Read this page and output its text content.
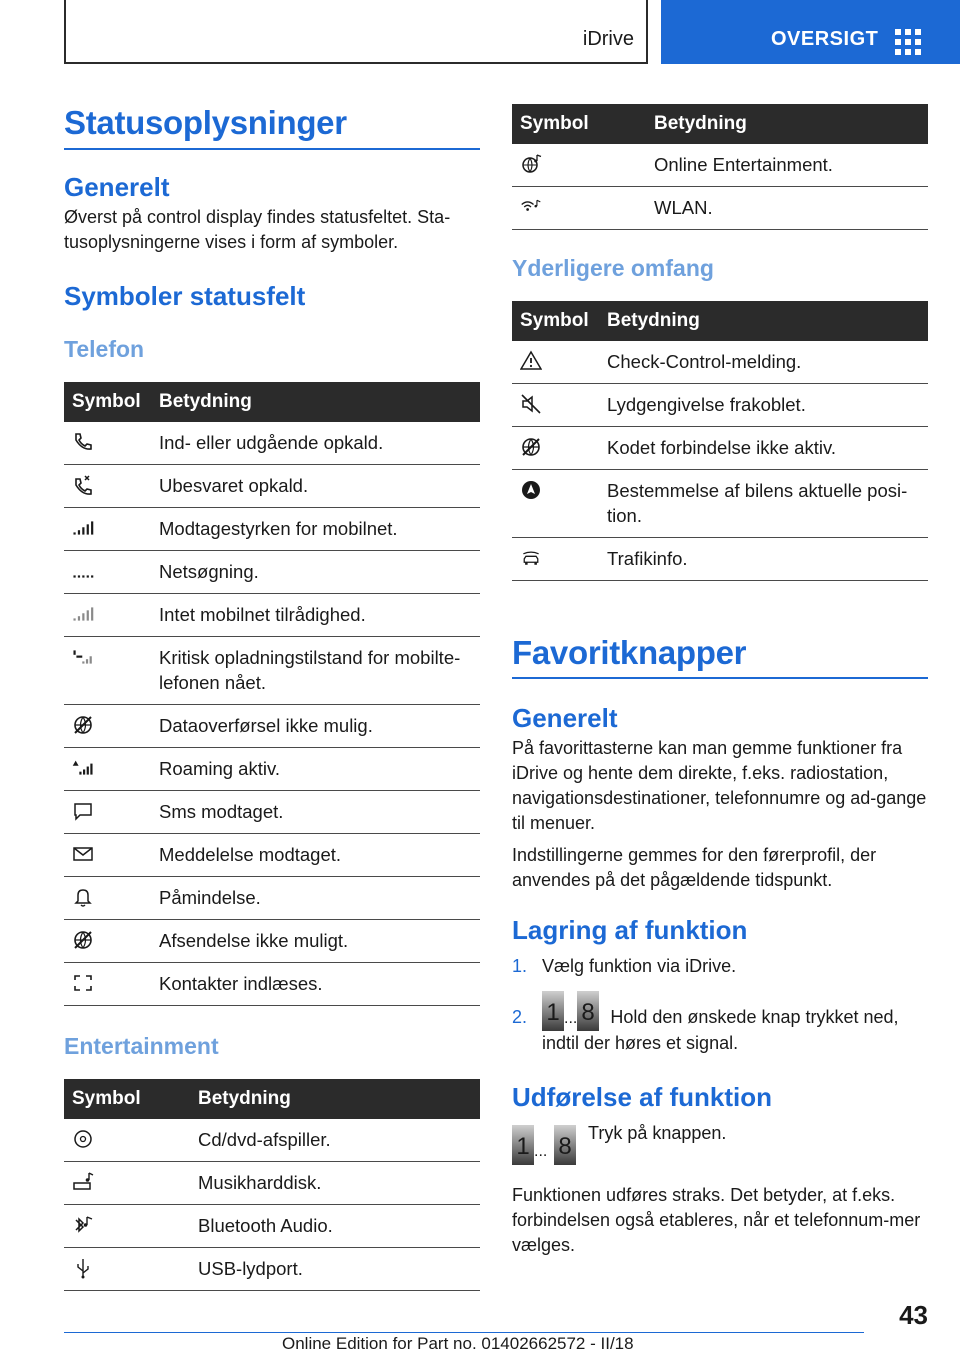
iDrive	OVERSIGT
Statusoplysninger
Generelt

Øverst på control display findes statusfeltet. Sta-tusoplysningerne vises i form af symboler.

Symboler statusfelt
Telefon
Symbol	Betydning

	Ind- eller udgående opkald.

	Ubesvaret opkald.

	Modtagestyrken for mobilnet.

	Netsøgning.

	Intet mobilnet tilrådighed.

	Kritisk opladningstilstand for mobilte-lefonen nået.

	Dataoverførsel ikke mulig.

	Roaming aktiv.

	Sms modtaget.

	Meddelelse modtaget.

	Påmindelse.

	Afsendelse ikke muligt.

	Kontakter indlæses.
Entertainment
Symbol	Betydning

	Cd/dvd-afspiller.

	Musikharddisk.

	Bluetooth Audio.

	USB-lydport.
Symbol	Betydning

	Online Entertainment.

	WLAN.
Yderligere omfang
Symbol	Betydning

	Check-Control-melding.

	Lydgengivelse frakoblet.

	Kodet forbindelse ikke aktiv.

	Bestemmelse af bilens aktuelle posi-tion.

	Trafikinfo.
Favoritknapper
Generelt

På favorittasterne kan man gemme funktioner fra iDrive og hente dem direkte, f.eks. radiostation, navigationsdestinationer, telefonnumre og ad-gange til menuer.

Indstillingerne gemmes for den førerprofil, der anvendes på det pågældende tidspunkt.

Lagring af funktion
1. Vælg funktion via iDrive.
2. 1 ... 8 Hold den ønskede knap trykket ned, indtil der høres et signal.
Udførelse af funktion
1 ... 8 Tryk på knappen.

Funktionen udføres straks. Det betyder, at f.eks. forbindelsen også etableres, når et telefonnum-mer vælges.

43
Online Edition for Part no. 01402662572 - II/18
